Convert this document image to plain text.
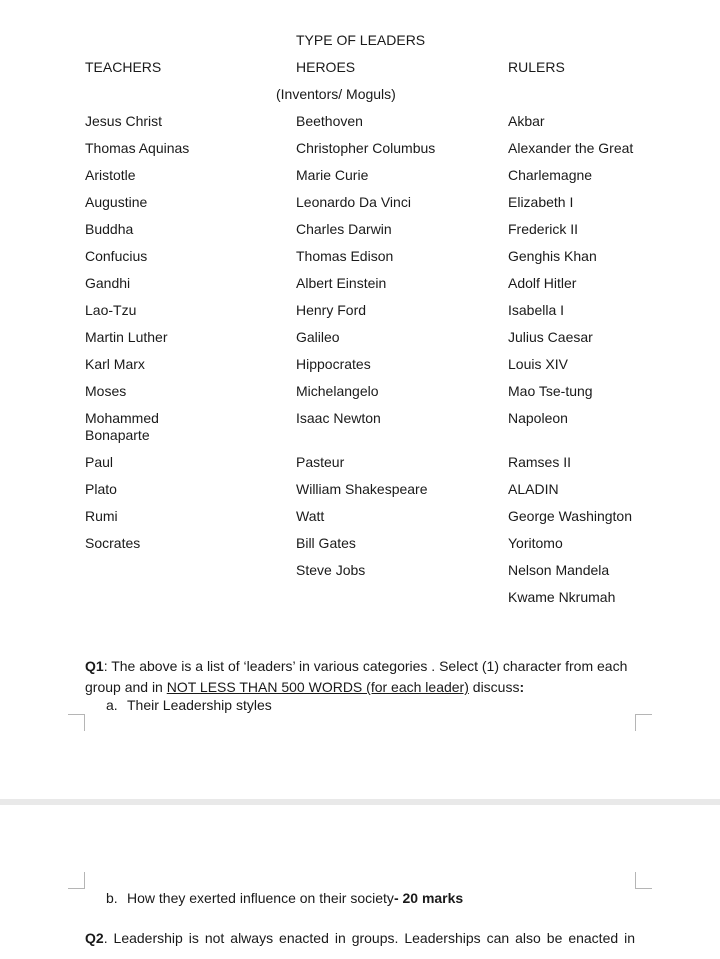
TYPE OF LEADERS
TEACHERS	HEROES	RULERS
(Inventors/ Moguls)
Jesus Christ
Thomas Aquinas
Aristotle
Augustine
Buddha
Confucius
Gandhi
Lao-Tzu
Martin Luther
Karl Marx
Moses
Mohammed Bonaparte
Paul
Plato
Rumi
Socrates
Beethoven
Christopher Columbus
Marie Curie
Leonardo Da Vinci
Charles Darwin
Thomas Edison
Albert Einstein
Henry Ford
Galileo
Hippocrates
Michelangelo
Isaac Newton
Pasteur
William Shakespeare
Watt
Bill Gates
Steve Jobs
Akbar
Alexander the Great
Charlemagne
Elizabeth I
Frederick II
Genghis Khan
Adolf Hitler
Isabella I
Julius Caesar
Louis XIV
Mao Tse-tung
Napoleon
Ramses II
ALADIN
George Washington
Yoritomo
Nelson Mandela
Kwame Nkrumah
Q1: The above is a list of ‘leaders’ in various categories . Select (1) character from each group and in NOT LESS THAN 500 WORDS (for each leader) discuss:
a. Their Leadership styles
b. How they exerted influence on their society- 20 marks
Q2. Leadership is not always enacted in groups. Leaderships can also be enacted in
